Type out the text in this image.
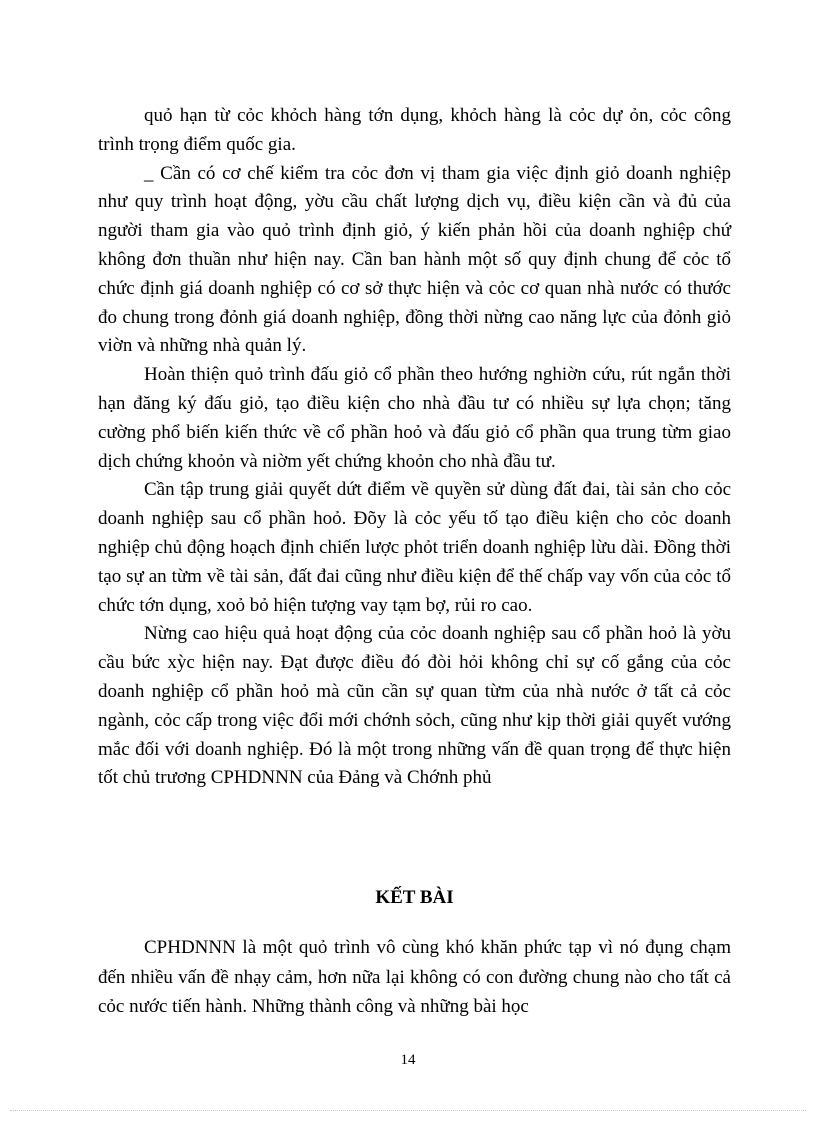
quỏ hạn từ cỏc khỏch hàng tớn dụng, khỏch hàng là cỏc dự ỏn, cỏc công trình trọng điểm quốc gia.

_ Cần có cơ chế kiểm tra cỏc đơn vị tham gia việc định giỏ doanh nghiệp như quy trình hoạt động, yờu cầu chất lượng dịch vụ, điều kiện cần và đủ của người tham gia vào quỏ trình định giỏ, ý kiến phản hồi của doanh nghiệp chứ không đơn thuần như hiện nay. Cần ban hành một số quy định chung để cỏc tổ chức định giá doanh nghiệp có cơ sở thực hiện và cỏc cơ quan nhà nước có thước đo chung trong đỏnh giá doanh nghiệp, đồng thời nừng cao năng lực của đỏnh giỏ viờn và những nhà quản lý.

Hoàn thiện quỏ trình đấu giỏ cổ phần theo hướng nghiờn cứu, rút ngắn thời hạn đăng ký đấu giỏ, tạo điều kiện cho nhà đầu tư có nhiều sự lựa chọn; tăng cường phổ biến kiến thức về cổ phần hoỏ và đấu giỏ cổ phần qua trung từm giao dịch chứng khoỏn và niờm yết chứng khoỏn cho nhà đầu tư.

Cần tập trung giải quyết dứt điểm về quyền sử dùng đất đai, tài sản cho cỏc doanh nghiệp sau cổ phần hoỏ. Đõy là cỏc yếu tố tạo điều kiện cho cỏc doanh nghiệp chủ động hoạch định chiến lược phỏt triển doanh nghiệp lừu dài. Đồng thời tạo sự an từm về tài sản, đất đai cũng như điều kiện để thế chấp vay vốn của cỏc tổ chức tớn dụng, xoỏ bỏ hiện tượng vay tạm bợ, rủi ro cao.

Nừng cao hiệu quả hoạt động của cỏc doanh nghiệp sau cổ phần hoỏ là yờu cầu bức xỳc hiện nay. Đạt được điều đó đòi hỏi không chỉ sự cố gắng của cỏc doanh nghiệp cổ phần hoỏ mà cũn cần sự quan từm của nhà nước ở tất cả cỏc ngành, cỏc cấp trong việc đổi mới chớnh sỏch, cũng như kịp thời giải quyết vướng mắc đối với doanh nghiệp. Đó là một trong những vấn đề quan trọng để thực hiện tốt chủ trương CPHDNNN của Đảng và Chớnh phủ

KẾT BÀI

CPHDNNN là một quỏ trình vô cùng khó khăn phức tạp vì nó đụng chạm đến nhiều vấn đề nhạy cảm, hơn nữa lại không có con đường chung nào cho tất cả cỏc nước tiến hành. Những thành công và những bài học

14
